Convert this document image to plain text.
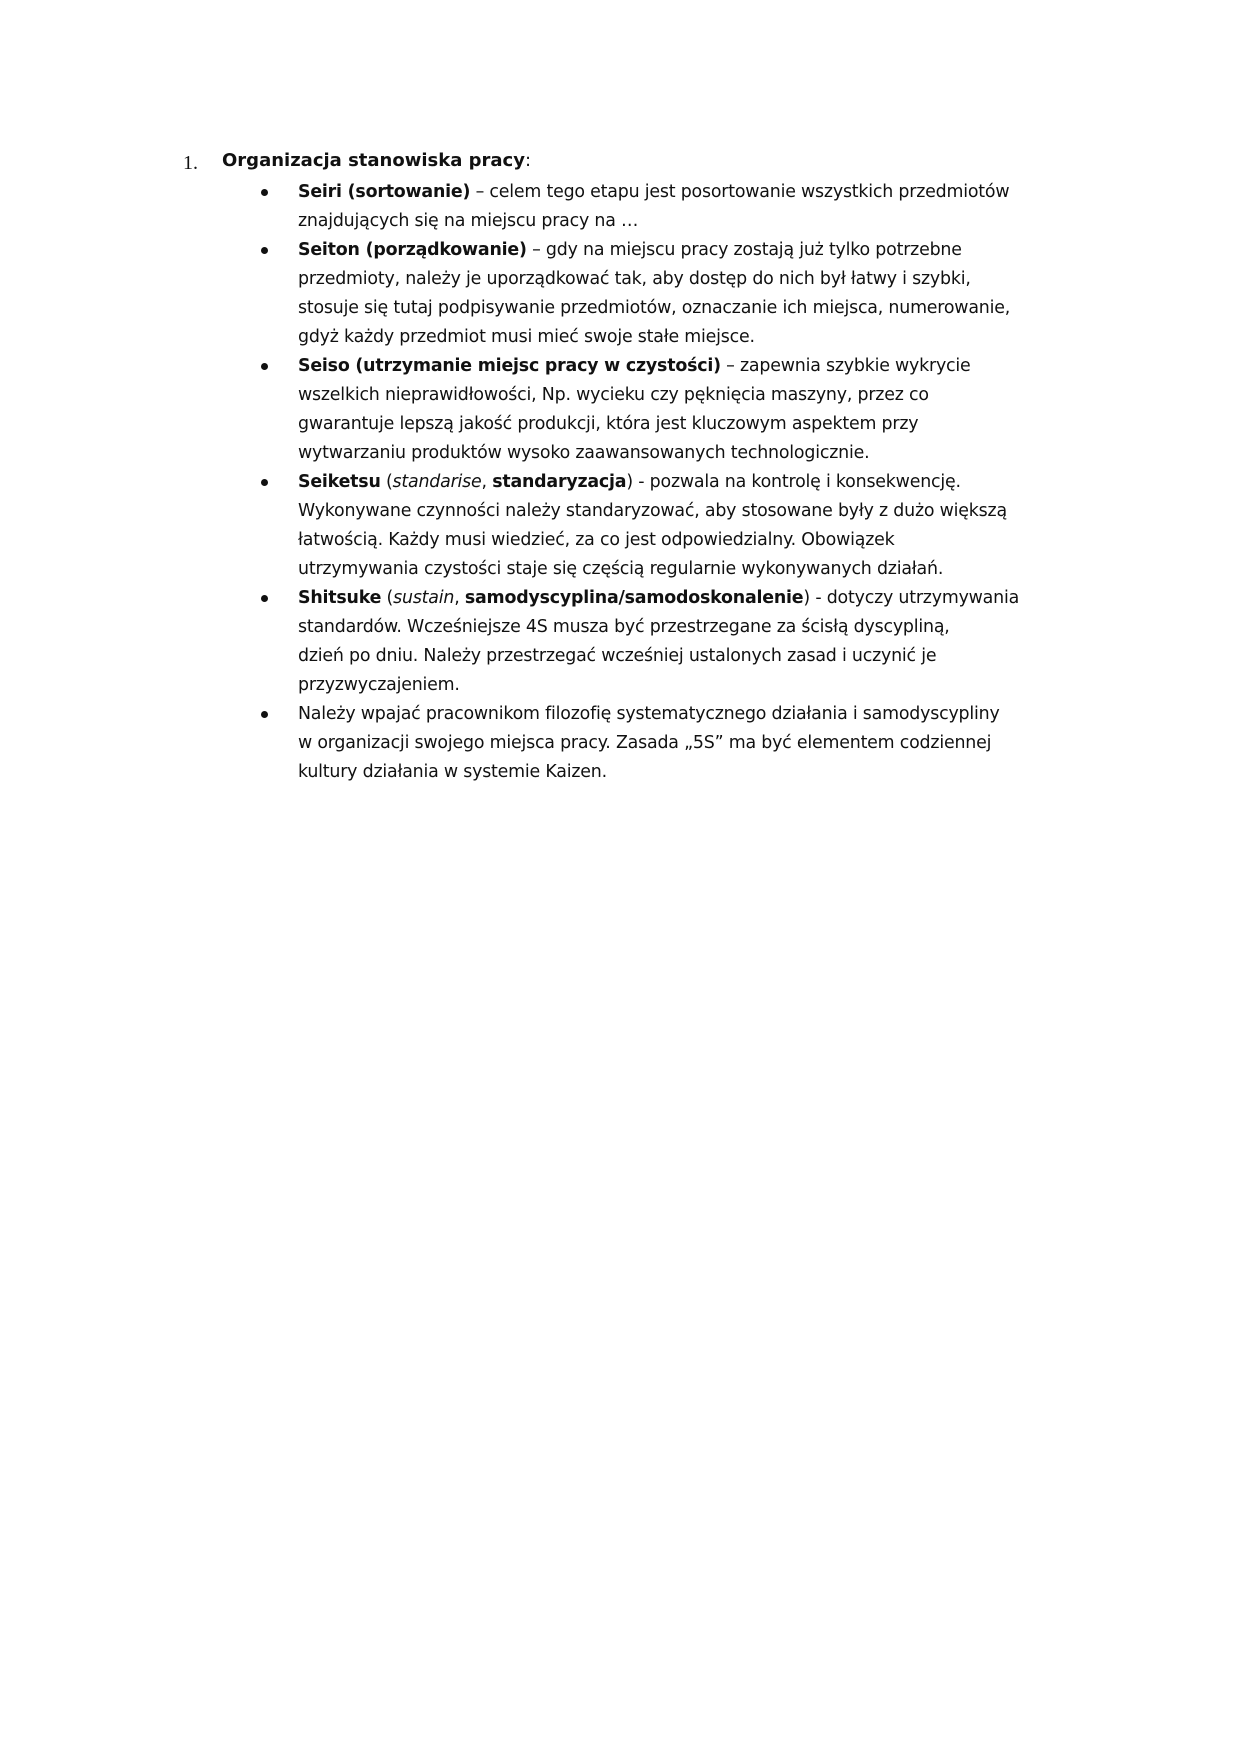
1. Organizacja stanowiska pracy:
Seiri (sortowanie) – celem tego etapu jest posortowanie wszystkich przedmiotów
znajdujących się na miejscu pracy na …
Seiton (porządkowanie) – gdy na miejscu pracy zostają już tylko potrzebne
przedmioty, należy je uporządkować tak, aby dostęp do nich był łatwy i szybki,
stosuje się tutaj podpisywanie przedmiotów, oznaczanie ich miejsca, numerowanie,
gdyż każdy przedmiot musi mieć swoje stałe miejsce.
Seiso (utrzymanie miejsc pracy w czystości) – zapewnia szybkie wykrycie
wszelkich nieprawidłowości, Np. wycieku czy pęknięcia maszyny, przez co
gwarantuje lepszą jakość produkcji, która jest kluczowym aspektem przy
wytwarzaniu produktów wysoko zaawansowanych technologicznie.
Seiketsu (standarise, standaryzacja) - pozwala na kontrolę i konsekwencję.
Wykonywane czynności należy standaryzować, aby stosowane były z dużo większą
łatwością. Każdy musi wiedzieć, za co jest odpowiedzialny. Obowiązek
utrzymywania czystości staje się częścią regularnie wykonywanych działań.
Shitsuke (sustain, samodyscyplina/samodoskonalenie) - dotyczy utrzymywania
standardów. Wcześniejsze 4S musza być przestrzegane za ścisłą dyscypliną,
dzień po dniu. Należy przestrzegać wcześniej ustalonych zasad i uczynić je
przyzwyczajeniem.
Należy wpajać pracownikom filozofię systematycznego działania i samodyscypliny
w organizacji swojego miejsca pracy. Zasada „5S” ma być elementem codziennej
kultury działania w systemie Kaizen.
